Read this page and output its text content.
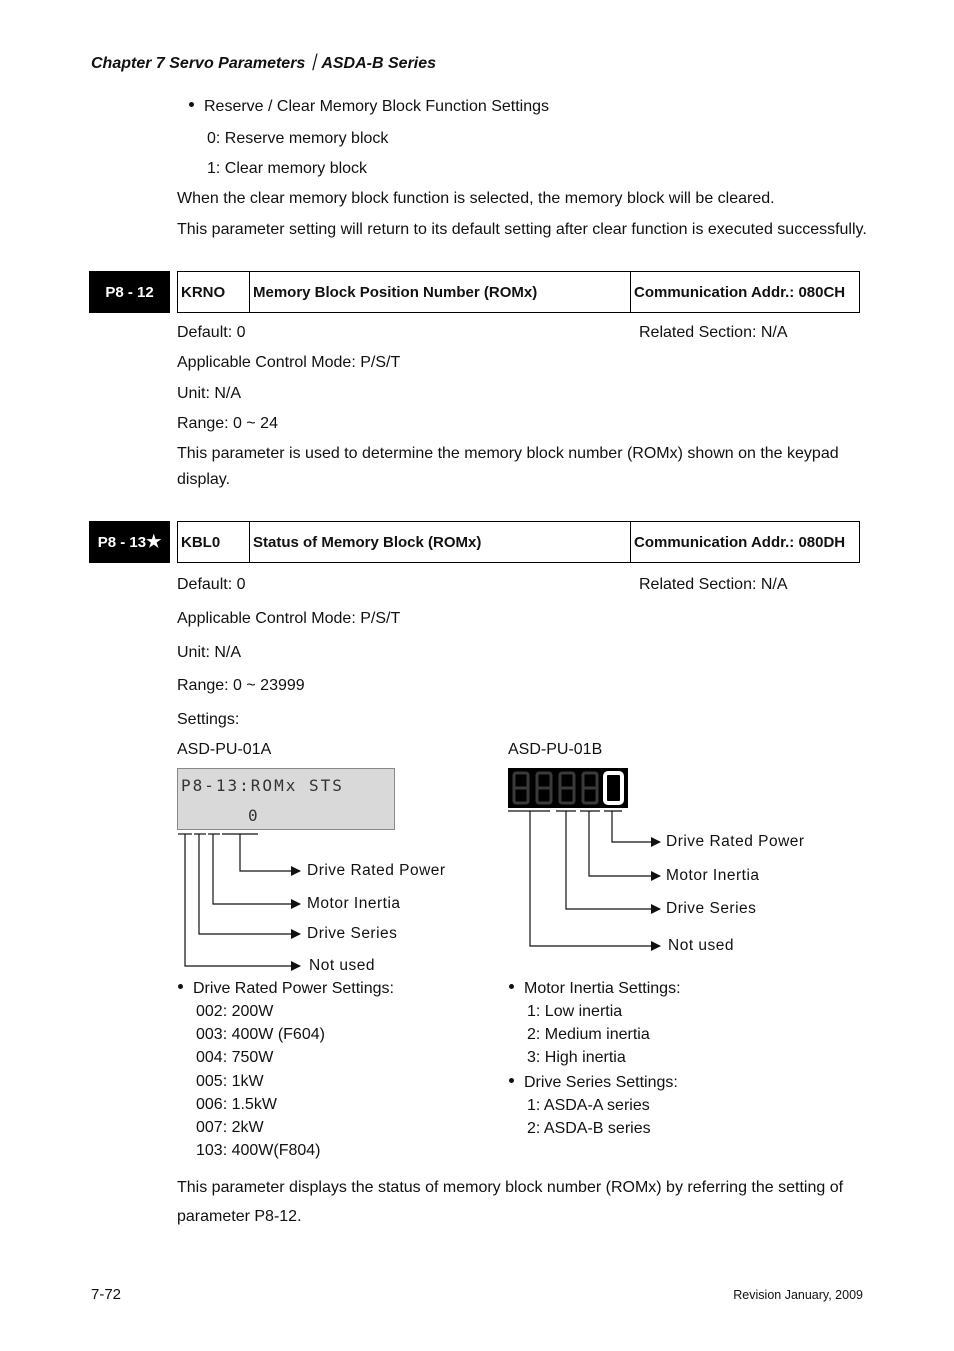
Chapter 7 Servo Parameters｜ASDA-B Series
Reserve / Clear Memory Block Function Settings
0: Reserve memory block
1: Clear memory block
When the clear memory block function is selected, the memory block will be cleared.
This parameter setting will return to its default setting after clear function is executed successfully.
P8 - 12 KRNO	Memory Block Position Number (ROMx)	Communication Addr.: 080CH
Default: 0	Related Section: N/A
Applicable Control Mode: P/S/T
Unit: N/A
Range: 0 ~ 24
This parameter is used to determine the memory block number (ROMx) shown on the keypad
display.
P8 - 13 ★ KBL0	Status of Memory Block (ROMx)	Communication Addr.: 080DH
Default: 0	Related Section: N/A
Applicable Control Mode: P/S/T
Unit: N/A
Range: 0 ~ 23999
Settings:
ASD-PU-01A	ASD-PU-01B
P8-13:ROMx STS
0
Drive Rated Power
Motor Inertia
Drive Series
Not used
Drive Rated Power
Motor Inertia
Drive Series
Not used
Drive Rated Power Settings:
002: 200W
003: 400W (F604)
004: 750W
005: 1kW
006: 1.5kW
007: 2kW
103: 400W(F804)
Motor Inertia Settings:
1: Low inertia
2: Medium inertia
3: High inertia
Drive Series Settings:
1: ASDA-A series
2: ASDA-B series
This parameter displays the status of memory block number (ROMx) by referring the setting of
parameter P8-12.
7-72	Revision January, 2009
